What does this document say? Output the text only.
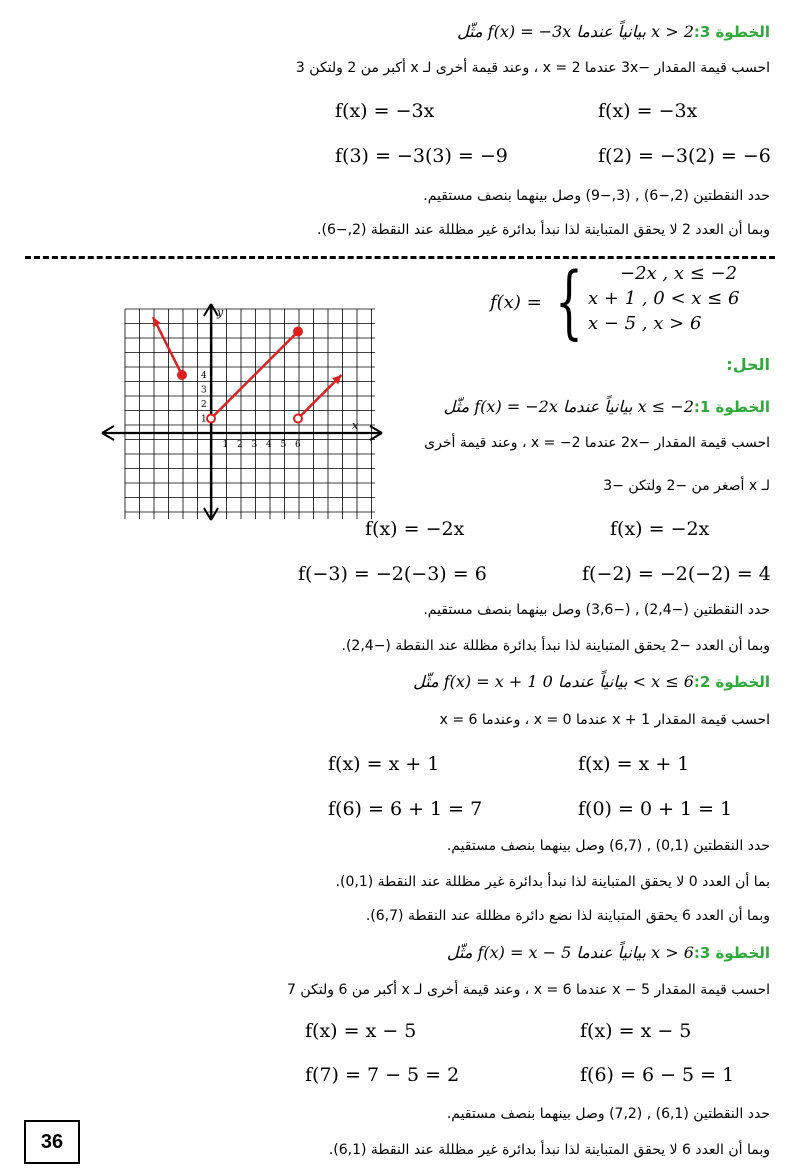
الخطوة 3: مثّل f(x) = −3x بيانياً عندما x > 2
احسب قيمة المقدار −3x عندما x = 2 ، وعند قيمة أخرى لـ x أكبر من 2 ولتكن 3
f(x) = −3x	f(x) = −3x
f(3) = −3(3) = −9	f(2) = −3(2) = −6
حدد النقطتين (2,−6) , (3,−9) وصل بينهما بنصف مستقيم.
وبما أن العدد 2 لا يحقق المتباينة لذا نبدأ بدائرة غير مظللة عند النقطة (2,−6).
f(x) = { −2x , x ≤ −2
x + 1 , 0 < x ≤ 6
x − 5 , x > 6
y
x
1 2 3 4 5 6
1
2
3
4
الحل:
الخطوة 1: مثّل f(x) = −2x بيانياً عندما x ≤ −2
احسب قيمة المقدار −2x عندما x = −2 ، وعند قيمة أخرى
لـ x أصغر من −2 ولتكن −3
f(x) = −2x	f(x) = −2x
f(−3) = −2(−3) = 6	f(−2) = −2(−2) = 4
حدد النقطتين (−2,4) , (−3,6) وصل بينهما بنصف مستقيم.
وبما أن العدد −2 يحقق المتباينة لذا نبدأ بدائرة مظللة عند النقطة (−2,4).
الخطوة 2: مثّل f(x) = x + 1 بيانياً عندما 0 < x ≤ 6
احسب قيمة المقدار x + 1 عندما x = 0 ، وعندما x = 6
f(x) = x + 1	f(x) = x + 1
f(6) = 6 + 1 = 7	f(0) = 0 + 1 = 1
حدد النقطتين (0,1) , (6,7) وصل بينهما بنصف مستقيم.
بما أن العدد 0 لا يحقق المتباينة لذا نبدأ بدائرة غير مظللة عند النقطة (0,1).
وبما أن العدد 6 يحقق المتباينة لذا نضع دائرة مظللة عند النقطة (6,7).
الخطوة 3: مثّل f(x) = x − 5 بيانياً عندما x > 6
احسب قيمة المقدار x − 5 عندما x = 6 ، وعند قيمة أخرى لـ x أكبر من 6 ولتكن 7
f(x) = x − 5	f(x) = x − 5
f(7) = 7 − 5 = 2	f(6) = 6 − 5 = 1
حدد النقطتين (6,1) , (7,2) وصل بينهما بنصف مستقيم.
وبما أن العدد 6 لا يحقق المتباينة لذا نبدأ بدائرة غير مظللة عند النقطة (6,1).
36
